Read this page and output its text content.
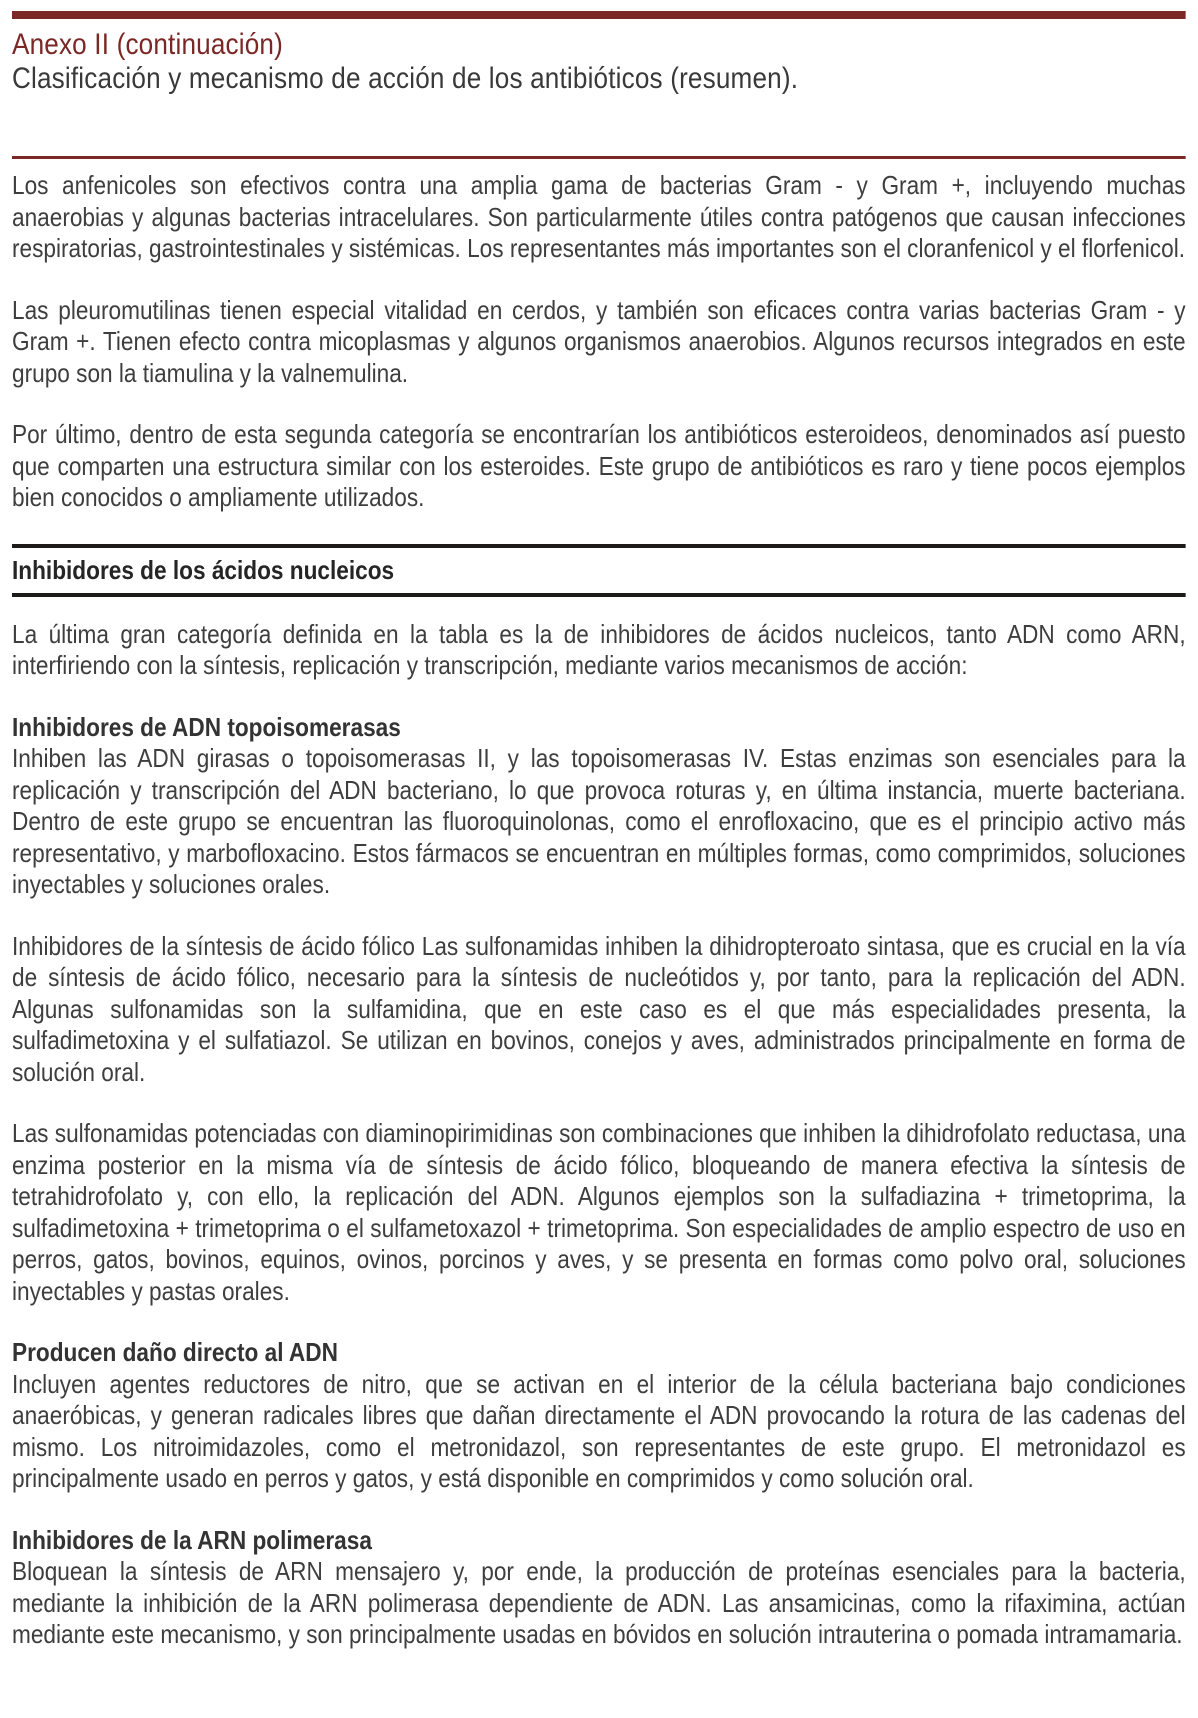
Anexo II (continuación)
Clasificación y mecanismo de acción de los antibióticos (resumen).

Los anfenicoles son efectivos contra una amplia gama de bacterias Gram - y Gram +, incluyendo muchas anaerobias y algunas bacterias intracelulares. Son particularmente útiles contra patógenos que causan infecciones respiratorias, gastrointestinales y sistémicas. Los representantes más importantes son el cloranfenicol y el florfenicol.

Las pleuromutilinas tienen especial vitalidad en cerdos, y también son eficaces contra varias bacterias Gram - y Gram +. Tienen efecto contra micoplasmas y algunos organismos anaerobios. Algunos recursos integrados en este grupo son la tiamulina y la valnemulina.

Por último, dentro de esta segunda categoría se encontrarían los antibióticos esteroideos, denominados así puesto que comparten una estructura similar con los esteroides. Este grupo de antibióticos es raro y tiene pocos ejemplos bien conocidos o ampliamente utilizados.

Inhibidores de los ácidos nucleicos

La última gran categoría definida en la tabla es la de inhibidores de ácidos nucleicos, tanto ADN como ARN, interfiriendo con la síntesis, replicación y transcripción, mediante varios mecanismos de acción:

Inhibidores de ADN topoisomerasas

Inhiben las ADN girasas o topoisomerasas II, y las topoisomerasas IV. Estas enzimas son esenciales para la replicación y transcripción del ADN bacteriano, lo que provoca roturas y, en última instancia, muerte bacteriana. Dentro de este grupo se encuentran las fluoroquinolonas, como el enrofloxacino, que es el principio activo más representativo, y marbofloxacino. Estos fármacos se encuentran en múltiples formas, como comprimidos, soluciones inyectables y soluciones orales.

Inhibidores de la síntesis de ácido fólico Las sulfonamidas inhiben la dihidropteroato sintasa, que es crucial en la vía de síntesis de ácido fólico, necesario para la síntesis de nucleótidos y, por tanto, para la replicación del ADN. Algunas sulfonamidas son la sulfamidina, que en este caso es el que más especialidades presenta, la sulfadimetoxina y el sulfatiazol. Se utilizan en bovinos, conejos y aves, administrados principalmente en forma de solución oral.

Las sulfonamidas potenciadas con diaminopirimidinas son combinaciones que inhiben la dihidrofolato reductasa, una enzima posterior en la misma vía de síntesis de ácido fólico, bloqueando de manera efectiva la síntesis de tetrahidrofolato y, con ello, la replicación del ADN. Algunos ejemplos son la sulfadiazina + trimetoprima, la sulfadimetoxina + trimetoprima o el sulfametoxazol + trimetoprima. Son especialidades de amplio espectro de uso en perros, gatos, bovinos, equinos, ovinos, porcinos y aves, y se presenta en formas como polvo oral, soluciones inyectables y pastas orales.

Producen daño directo al ADN

Incluyen agentes reductores de nitro, que se activan en el interior de la célula bacteriana bajo condiciones anaeróbicas, y generan radicales libres que dañan directamente el ADN provocando la rotura de las cadenas del mismo. Los nitroimidazoles, como el metronidazol, son representantes de este grupo. El metronidazol es principalmente usado en perros y gatos, y está disponible en comprimidos y como solución oral.

Inhibidores de la ARN polimerasa

Bloquean la síntesis de ARN mensajero y, por ende, la producción de proteínas esenciales para la bacteria, mediante la inhibición de la ARN polimerasa dependiente de ADN. Las ansamicinas, como la rifaximina, actúan mediante este mecanismo, y son principalmente usadas en bóvidos en solución intrauterina o pomada intramamaria.
